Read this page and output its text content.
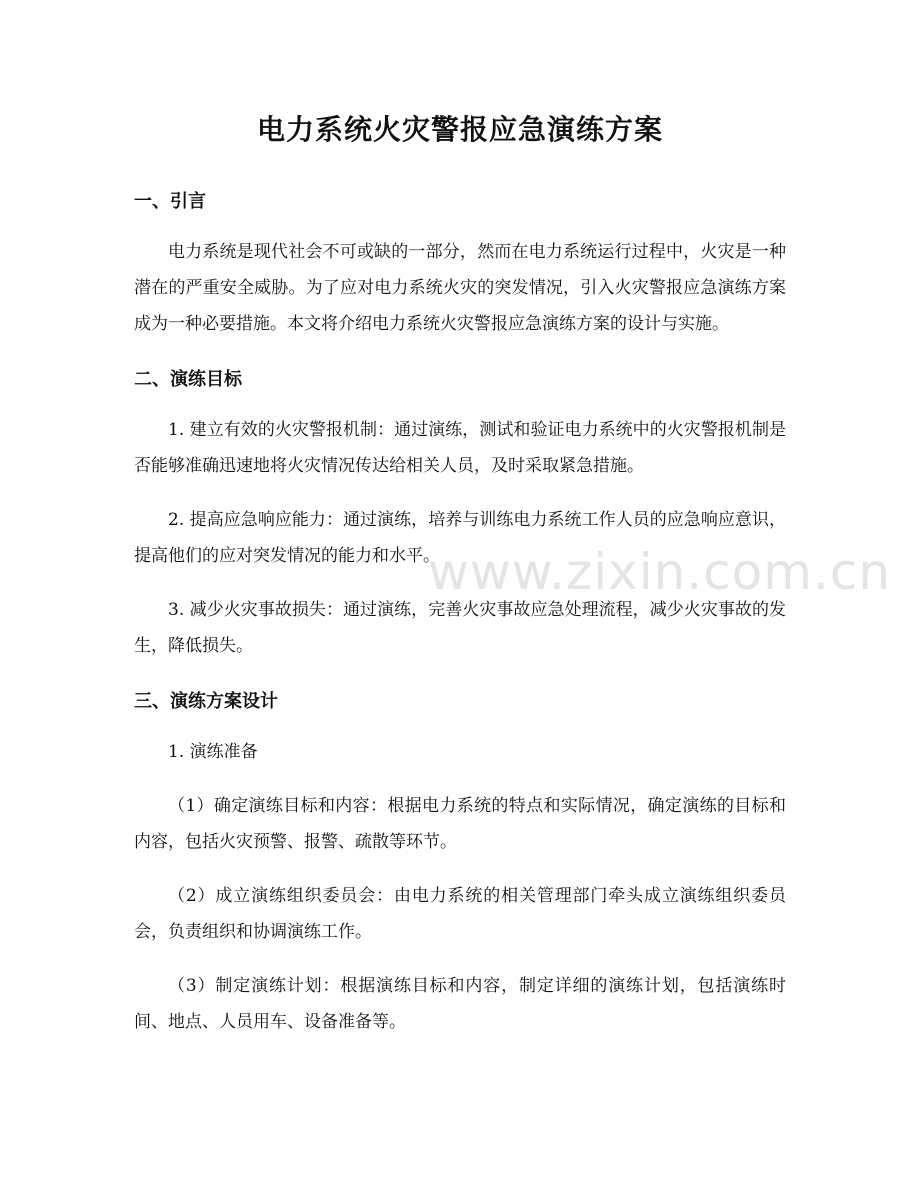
电力系统火灾警报应急演练方案
一、引言

电力系统是现代社会不可或缺的一部分，然而在电力系统运行过程中，火灾是一种潜在的严重安全威胁。为了应对电力系统火灾的突发情况，引入火灾警报应急演练方案成为一种必要措施。本文将介绍电力系统火灾警报应急演练方案的设计与实施。

二、演练目标

1. 建立有效的火灾警报机制：通过演练，测试和验证电力系统中的火灾警报机制是否能够准确迅速地将火灾情况传达给相关人员，及时采取紧急措施。

2. 提高应急响应能力：通过演练，培养与训练电力系统工作人员的应急响应意识，提高他们的应对突发情况的能力和水平。

3. 减少火灾事故损失：通过演练，完善火灾事故应急处理流程，减少火灾事故的发生，降低损失。

三、演练方案设计

1. 演练准备

（1）确定演练目标和内容：根据电力系统的特点和实际情况，确定演练的目标和内容，包括火灾预警、报警、疏散等环节。

（2）成立演练组织委员会：由电力系统的相关管理部门牵头成立演练组织委员会，负责组织和协调演练工作。

（3）制定演练计划：根据演练目标和内容，制定详细的演练计划，包括演练时间、地点、人员用车、设备准备等。

www.zixin.com.cn
